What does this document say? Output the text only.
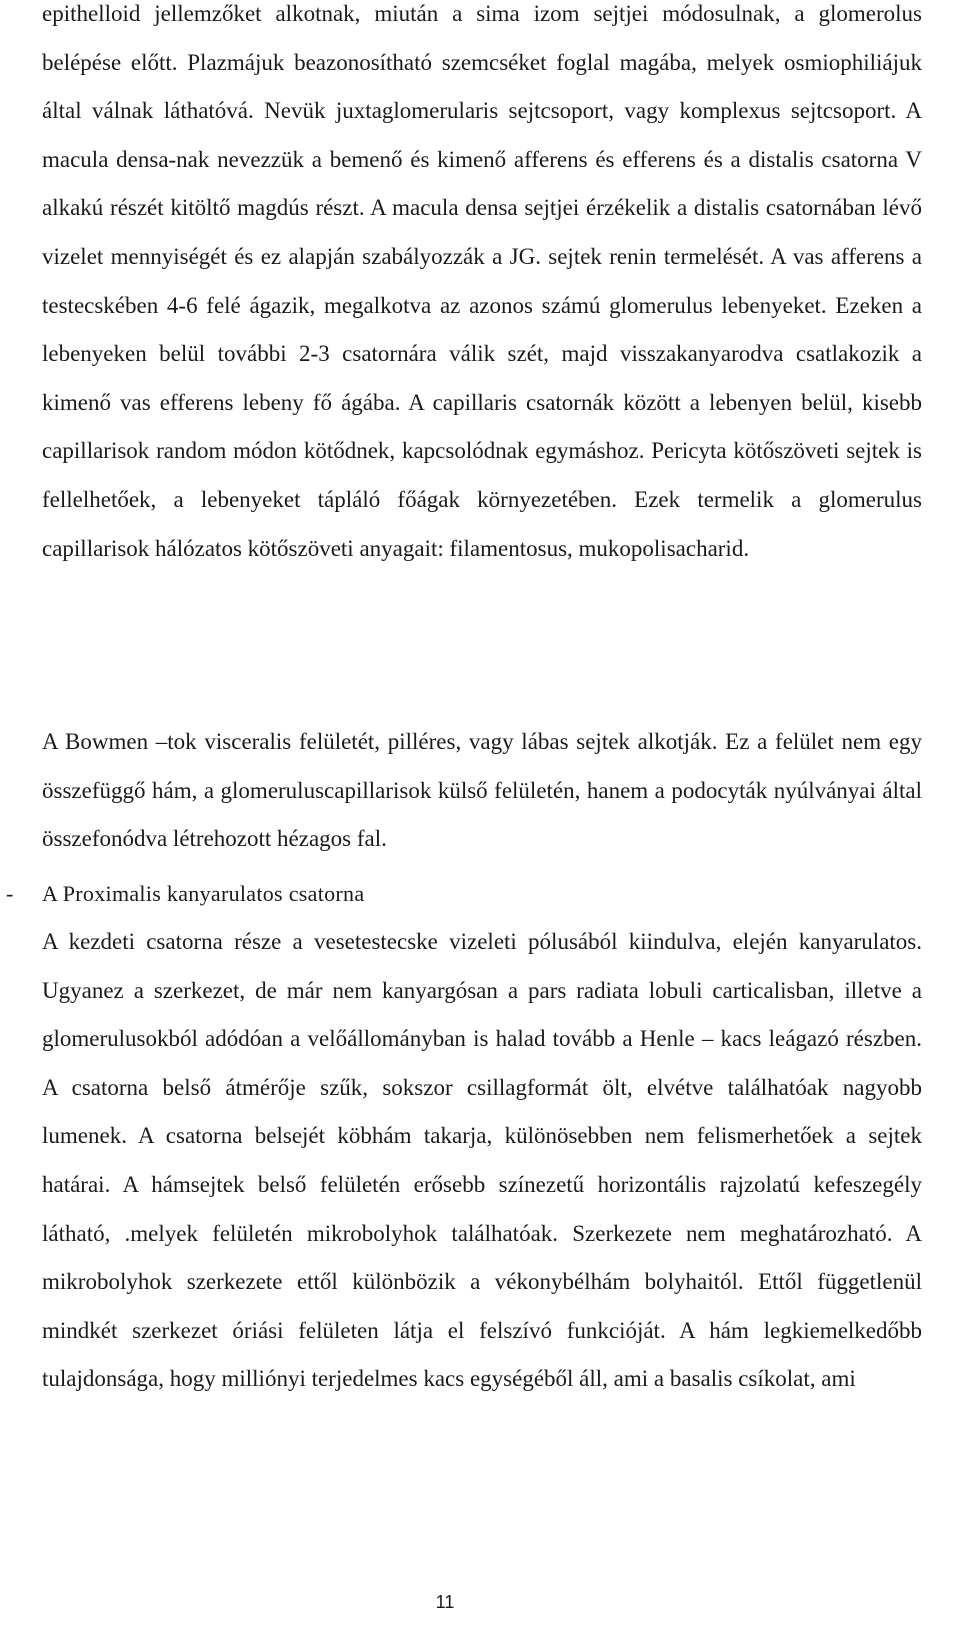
epithelloid jellemzőket alkotnak, miután a sima izom sejtjei módosulnak, a glomerolus belépése előtt. Plazmájuk beazonosítható szemcséket foglal magába, melyek osmiophiliájuk által válnak láthatóvá. Nevük juxtaglomerularis sejtcsoport, vagy komplexus sejtcsoport. A macula densa-nak nevezzük a bemenő és kimenő afferens és efferens és a distalis csatorna V alkakú részét kitöltő magdús részt. A macula densa sejtjei érzékelik a distalis csatornában lévő vizelet mennyiségét és ez alapján szabályozzák a JG. sejtek renin termelését. A vas afferens a testecskében 4-6 felé ágazik, megalkotva az azonos számú glomerulus lebenyeket. Ezeken a lebenyeken belül további 2-3 csatornára válik szét, majd visszakanyarodva csatlakozik a kimenő vas efferens lebeny fő ágába. A capillaris csatornák között a lebenyen belül, kisebb capillarisok random módon kötődnek, kapcsolódnak egymáshoz. Pericyta kötőszöveti sejtek is fellelhetőek, a lebenyeket tápláló főágak környezetében. Ezek termelik a glomerulus capillarisok hálózatos kötőszöveti anyagait: filamentosus, mukopolisacharid.

A Bowmen –tok visceralis felületét, pilléres, vagy lábas sejtek alkotják. Ez a felület nem egy összefüggő hám, a glomeruluscapillarisok külső felületén, hanem a podocyták nyúlványai által összefonódva létrehozott hézagos fal.

- A Proximalis kanyarulatos csatorna

A kezdeti csatorna része a vesetestecske vizeleti pólusából kiindulva, elején kanyarulatos. Ugyanez a szerkezet, de már nem kanyargósan a pars radiata lobuli carticalisban, illetve a glomerulusokból adódóan a velőállományban is halad tovább a Henle – kacs leágazó részben. A csatorna belső átmérője szűk, sokszor csillagformát ölt, elvétve találhatóak nagyobb lumenek. A csatorna belsejét köbhám takarja, különösebben nem felismerhetőek a sejtek határai. A hámsejtek belső felületén erősebb színezetű horizontális rajzolatú kefeszegély látható, .melyek felületén mikrobolyhok találhatóak. Szerkezete nem meghatározható. A mikrobolyhok szerkezete ettől különbözik a vékonybélhám bolyhaitól. Ettől függetlenül mindkét szerkezet óriási felületen látja el felszívó funkcióját. A hám legkiemelkedőbb tulajdonsága, hogy milliónyi terjedelmes kacs egységéből áll, ami a basalis csíkolat, ami

11
